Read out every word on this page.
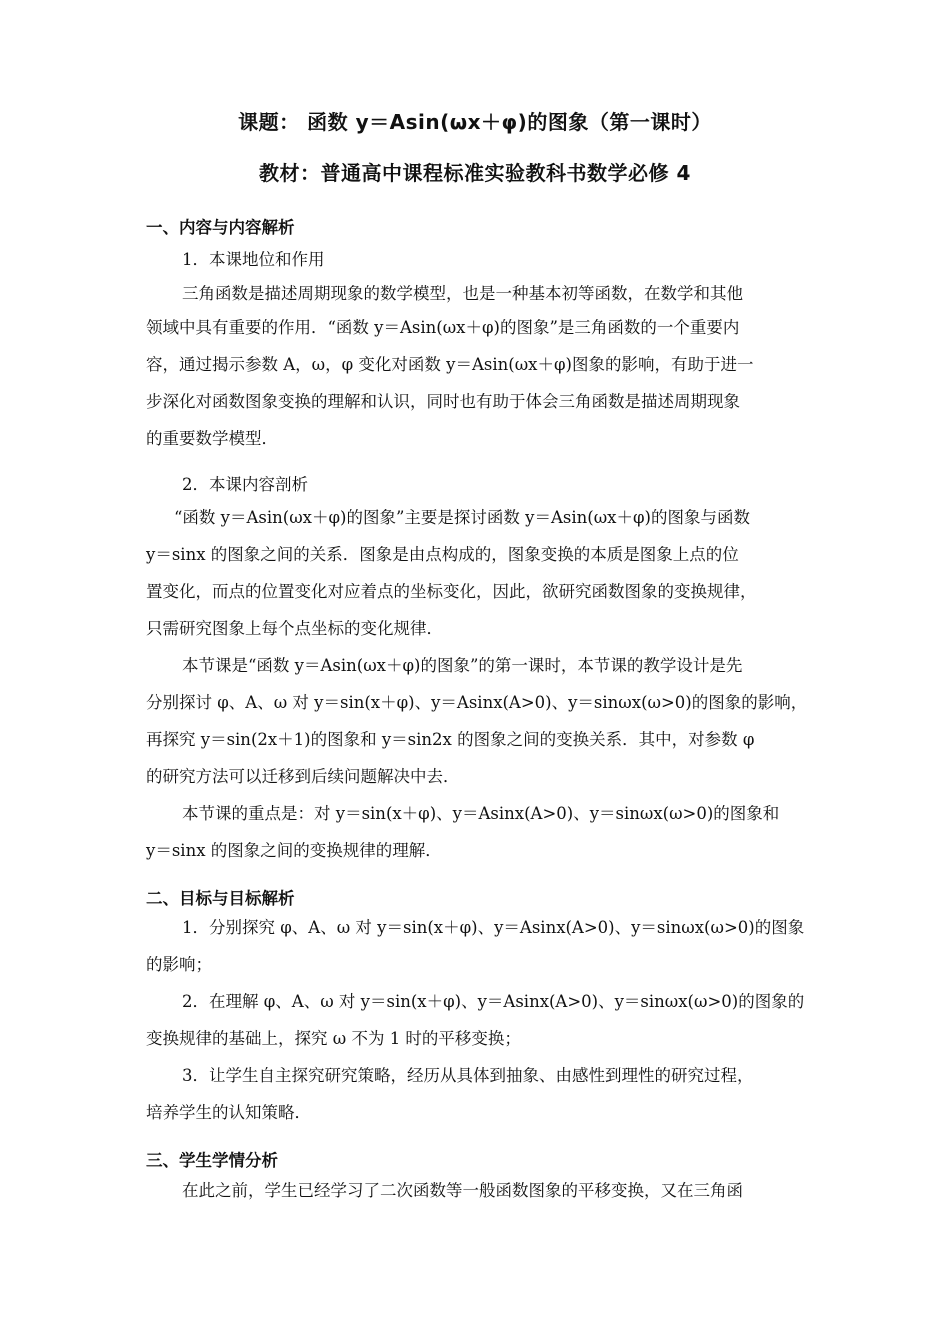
课题： 函数 y＝Asin(ωx＋φ)的图象（第一课时）
教材：普通高中课程标准实验教科书数学必修 4
一、内容与内容解析
1．本课地位和作用
三角函数是描述周期现象的数学模型，也是一种基本初等函数，在数学和其他
领域中具有重要的作用．“函数 y＝Asin(ωx＋φ)的图象”是三角函数的一个重要内
容，通过揭示参数 A，ω，φ 变化对函数 y＝Asin(ωx＋φ)图象的影响，有助于进一
步深化对函数图象变换的理解和认识，同时也有助于体会三角函数是描述周期现象
的重要数学模型．
2．本课内容剖析
“函数 y＝Asin(ωx＋φ)的图象”主要是探讨函数 y＝Asin(ωx＋φ)的图象与函数
y＝sinx 的图象之间的关系．图象是由点构成的，图象变换的本质是图象上点的位
置变化，而点的位置变化对应着点的坐标变化，因此，欲研究函数图象的变换规律，
只需研究图象上每个点坐标的变化规律．
本节课是“函数 y＝Asin(ωx＋φ)的图象”的第一课时，本节课的教学设计是先
分别探讨 φ、A、ω 对 y＝sin(x＋φ)、y＝Asinx(A>0)、y＝sinωx(ω>0)的图象的影响，
再探究 y＝sin(2x＋1)的图象和 y＝sin2x 的图象之间的变换关系．其中，对参数 φ
的研究方法可以迁移到后续问题解决中去．
本节课的重点是：对 y＝sin(x＋φ)、y＝Asinx(A>0)、y＝sinωx(ω>0)的图象和
y＝sinx 的图象之间的变换规律的理解．
二、目标与目标解析
1．分别探究 φ、A、ω 对 y＝sin(x＋φ)、y＝Asinx(A>0)、y＝sinωx(ω>0)的图象
的影响；
2．在理解 φ、A、ω 对 y＝sin(x＋φ)、y＝Asinx(A>0)、y＝sinωx(ω>0)的图象的
变换规律的基础上，探究 ω 不为 1 时的平移变换；
3．让学生自主探究研究策略，经历从具体到抽象、由感性到理性的研究过程，
培养学生的认知策略．
三、学生学情分析
在此之前，学生已经学习了二次函数等一般函数图象的平移变换，又在三角函
